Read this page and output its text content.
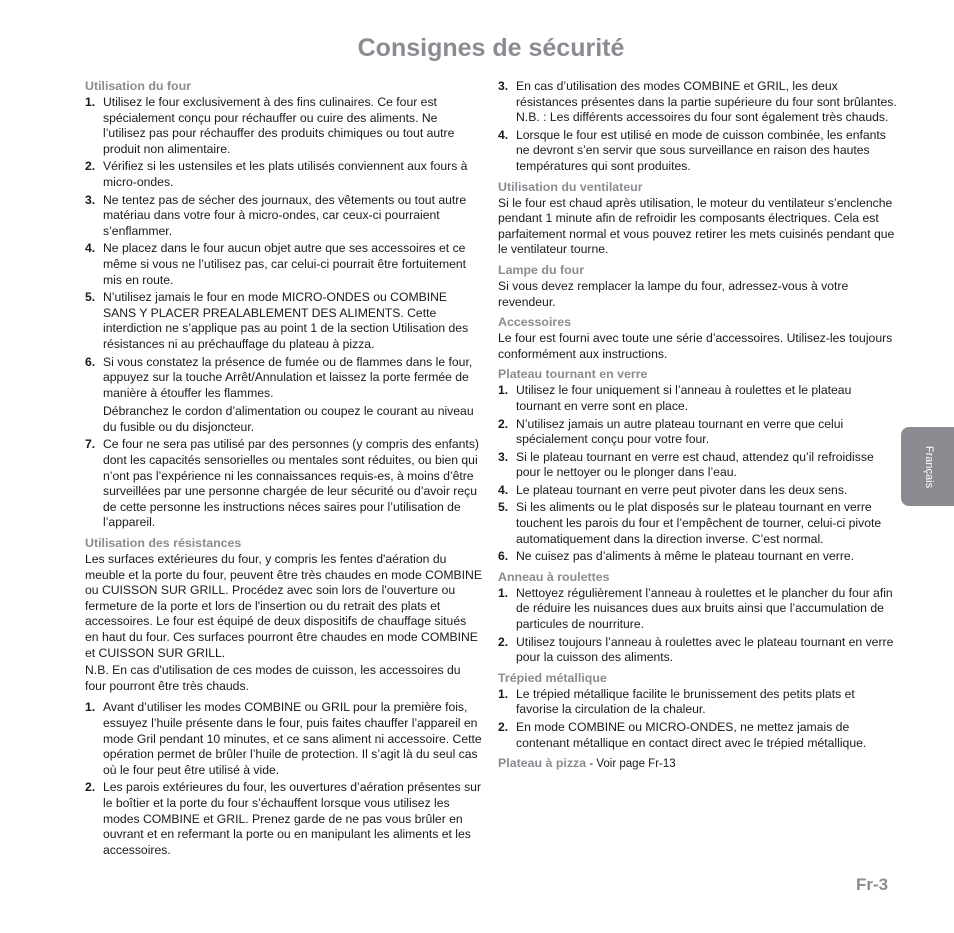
Consignes de sécurité
Utilisation du four
1. Utilisez le four exclusivement à des fins culinaires. Ce four est spécialement conçu pour réchauffer ou cuire des aliments. Ne l’utilisez pas pour réchauffer des produits chimiques ou tout autre produit non alimentaire.
2. Vérifiez si les ustensiles et les plats utilisés conviennent aux fours à micro-ondes.
3. Ne tentez pas de sécher des journaux, des vêtements ou tout autre matériau dans votre four à micro-ondes, car ceux-ci pourraient s’enflammer.
4. Ne placez dans le four aucun objet autre que ses accessoires et ce même si vous ne l’utilisez pas, car celui-ci pourrait être fortuitement mis en route.
5. N’utilisez jamais le four en mode MICRO-ONDES ou COMBINE SANS Y PLACER PREALABLEMENT DES ALIMENTS. Cette interdiction ne s’applique pas au point 1 de la section Utilisation des résistances ni au préchauffage du plateau à pizza.
6. Si vous constatez la présence de fumée ou de flammes dans le four, appuyez sur la touche Arrêt/Annulation et laissez la porte fermée de manière à étouffer les flammes.
Débranchez le cordon d’alimentation ou coupez le courant au niveau du fusible ou du disjoncteur.
7. Ce four ne sera pas utilisé par des personnes (y compris des enfants) dont les capacités sensorielles ou mentales sont réduites, ou bien qui n’ont pas l’expérience ni les connaissances requis-es, à moins d’être surveillées par une personne chargée de leur sécurité ou d’avoir reçu de cette personne les instructions néces saires pour l’utilisation de l’appareil.
Utilisation des résistances

Les surfaces extérieures du four, y compris les fentes d'aération du meuble et la porte du four, peuvent être très chaudes en mode COMBINE ou CUISSON SUR GRILL. Procédez avec soin lors de l'ouverture ou fermeture de la porte et lors de l'insertion ou du retrait des plats et accessoires. Le four est équipé de deux dispositifs de chauffage situés en haut du four. Ces surfaces pourront être chaudes en mode COMBINE et CUISSON SUR GRILL.

N.B. En cas d'utilisation de ces modes de cuisson, les accessoires du four pourront être très chauds.

1. Avant d’utiliser les modes COMBINE ou GRIL pour la première fois, essuyez l’huile présente dans le four, puis faites chauffer l’appareil en mode Gril pendant 10 minutes, et ce sans aliment ni accessoire. Cette opération permet de brûler l’huile de protection. Il s’agit là du seul cas où le four peut être utilisé à vide.
2. Les parois extérieures du four, les ouvertures d’aération présentes sur le boîtier et la porte du four s’échauffent lorsque vous utilisez les modes COMBINE et GRIL. Prenez garde de ne pas vous brûler en ouvrant et en refermant la porte ou en manipulant les aliments et les accessoires.
3. En cas d’utilisation des modes COMBINE et GRIL, les deux résistances présentes dans la partie supérieure du four sont brûlantes.
N.B. : Les différents accessoires du four sont également très chauds.
4. Lorsque le four est utilisé en mode de cuisson combinée, les enfants ne devront s’en servir que sous surveillance en raison des hautes températures qui sont produites.
Utilisation du ventilateur

Si le four est chaud après utilisation, le moteur du ventilateur s’enclenche pendant 1 minute afin de refroidir les composants électriques. Cela est parfaitement normal et vous pouvez retirer les mets cuisinés pendant que le ventilateur tourne.

Lampe du four

Si vous devez remplacer la lampe du four, adressez-vous à votre revendeur.

Accessoires

Le four est fourni avec toute une série d’accessoires. Utilisez-les toujours conformément aux instructions.

Plateau tournant en verre
1. Utilisez le four uniquement si l’anneau à roulettes et le plateau tournant en verre sont en place.
2. N’utilisez jamais un autre plateau tournant en verre que celui spécialement conçu pour votre four.
3. Si le plateau tournant en verre est chaud, attendez qu’il refroidisse pour le nettoyer ou le plonger dans l’eau.
4. Le plateau tournant en verre peut pivoter dans les deux sens.
5. Si les aliments ou le plat disposés sur le plateau tournant en verre touchent les parois du four et l’empêchent de tourner, celui-ci pivote automatiquement dans la direction inverse. C’est normal.
6. Ne cuisez pas d’aliments à même le plateau tournant en verre.
Anneau à roulettes
1. Nettoyez régulièrement l’anneau à roulettes et le plancher du four afin de réduire les nuisances dues aux bruits ainsi que l’accumulation de particules de nourriture.
2. Utilisez toujours l’anneau à roulettes avec le plateau tournant en verre pour la cuisson des aliments.
Trépied métallique
1. Le trépied métallique facilite le brunissement des petits plats et favorise la circulation de la chaleur.
2. En mode COMBINE ou MICRO-ONDES, ne mettez jamais de contenant métallique en contact direct avec le trépied métallique.
Plateau à pizza - Voir page Fr-13
Français
Fr-3
